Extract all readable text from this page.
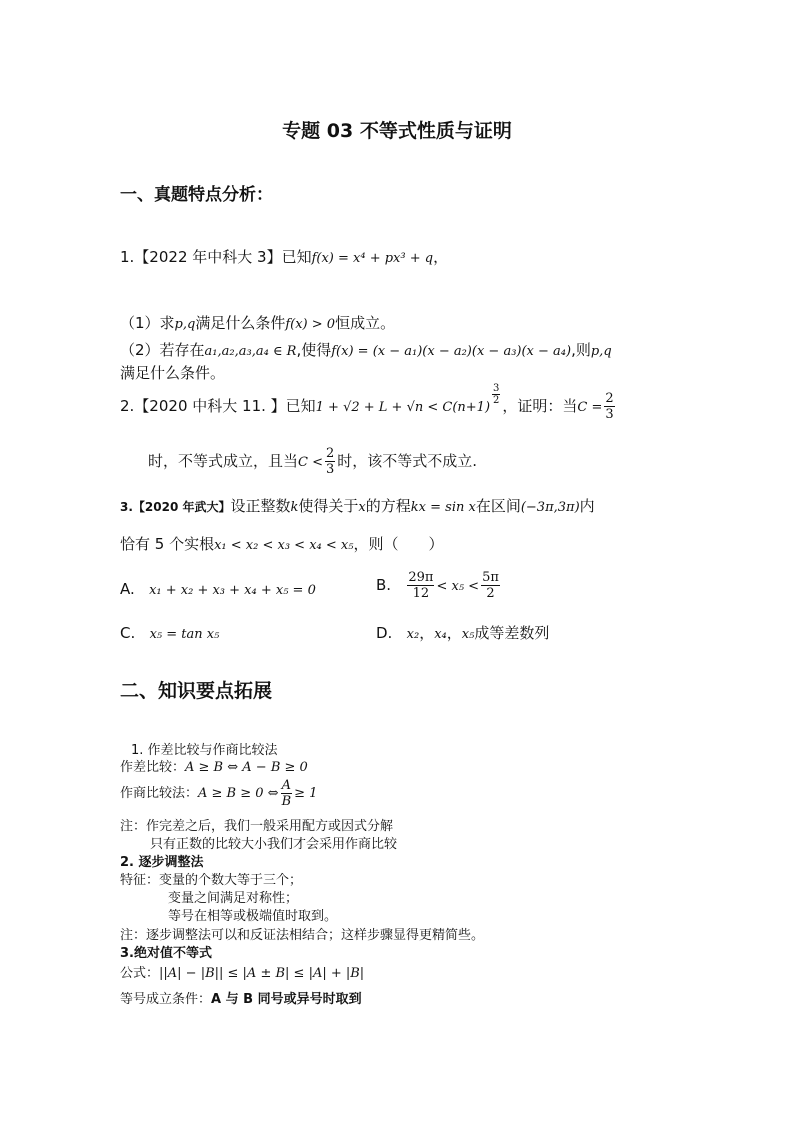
专题 03 不等式性质与证明
一、真题特点分析：
1.【2022 年中科大 3】已知f(x) = x⁴ + px³ + q，
（1）求p,q满足什么条件f(x) > 0恒成立。
（2）若存在a₁,a₂,a₃,a₄ ∈ R,使得f(x) = (x − a₁)(x − a₂)(x − a₃)(x − a₄),则p,q
满足什么条件。
2.【2020 中科大 11. 】已知1 + √2 + L + √n < C(n+1)
$\frac{3}{2}$ ，证明：当$C = \frac{2}{3}$
时，不等式成立，且当$C < \frac{2}{3}$ 时，该不等式不成立.
3.【2020 年武大】设正整数k使得关于x的方程kx = sin x在区间(−3π,3π)内
恰有 5 个实根x₁ < x₂ < x₃ < x₄ < x₅，则（　　）
A. x₁ + x₂ + x₃ + x₄ + x₅ = 0	B. $\frac{29\pi}{12} < x_5 < \frac{5\pi}{2}$
C. x₅ = tan x₅	D. x₂，x₄，x₅成等差数列
二、知识要点拓展
1. 作差比较与作商比较法
作差比较：A ≥ B ⇔ A − B ≥ 0
作商比较法：A ≥ B ≥ 0 ⇔ $\frac{A}{B} \ge 1$
注：作完差之后，我们一般采用配方或因式分解
只有正数的比较大小我们才会采用作商比较
2. 逐步调整法
特征：变量的个数大等于三个；
变量之间满足对称性；
等号在相等或极端值时取到。
注：逐步调整法可以和反证法相结合；这样步骤显得更精简些。
3.绝对值不等式
公式：||A| − |B|| ≤ |A ± B| ≤ |A| + |B|
等号成立条件：A 与 B 同号或异号时取到
